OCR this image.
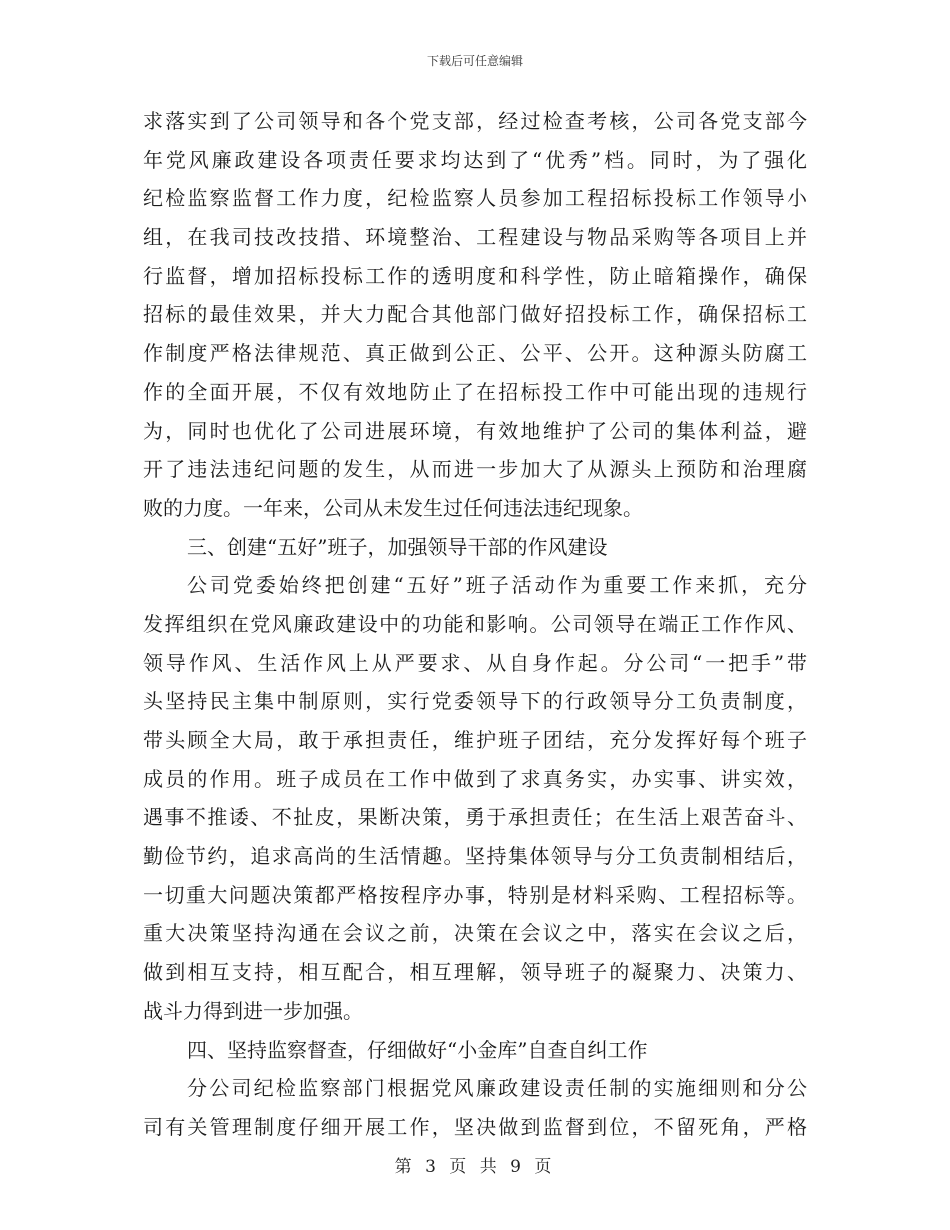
下载后可任意编辑
求落实到了公司领导和各个党支部，经过检查考核，公司各党支部今
年党风廉政建设各项责任要求均达到了“优秀”档。同时，为了强化
纪检监察监督工作力度，纪检监察人员参加工程招标投标工作领导小
组，在我司技改技措、环境整治、工程建设与物品采购等各项目上并
行监督，增加招标投标工作的透明度和科学性，防止暗箱操作，确保
招标的最佳效果，并大力配合其他部门做好招投标工作，确保招标工
作制度严格法律规范、真正做到公正、公平、公开。这种源头防腐工
作的全面开展，不仅有效地防止了在招标投工作中可能出现的违规行
为，同时也优化了公司进展环境，有效地维护了公司的集体利益，避
开了违法违纪问题的发生，从而进一步加大了从源头上预防和治理腐
败的力度。一年来，公司从未发生过任何违法违纪现象。
三、创建“五好”班子，加强领导干部的作风建设
公司党委始终把创建“五好”班子活动作为重要工作来抓，充分
发挥组织在党风廉政建设中的功能和影响。公司领导在端正工作作风、
领导作风、生活作风上从严要求、从自身作起。分公司“一把手”带
头坚持民主集中制原则，实行党委领导下的行政领导分工负责制度，
带头顾全大局，敢于承担责任，维护班子团结，充分发挥好每个班子
成员的作用。班子成员在工作中做到了求真务实，办实事、讲实效，
遇事不推诿、不扯皮，果断决策，勇于承担责任；在生活上艰苦奋斗、
勤俭节约，追求高尚的生活情趣。坚持集体领导与分工负责制相结后，
一切重大问题决策都严格按程序办事，特别是材料采购、工程招标等。
重大决策坚持沟通在会议之前，决策在会议之中，落实在会议之后，
做到相互支持，相互配合，相互理解，领导班子的凝聚力、决策力、
战斗力得到进一步加强。
四、坚持监察督查，仔细做好“小金库”自查自纠工作
分公司纪检监察部门根据党风廉政建设责任制的实施细则和分公
司有关管理制度仔细开展工作，坚决做到监督到位，不留死角，严格
第 3 页 共 9 页
